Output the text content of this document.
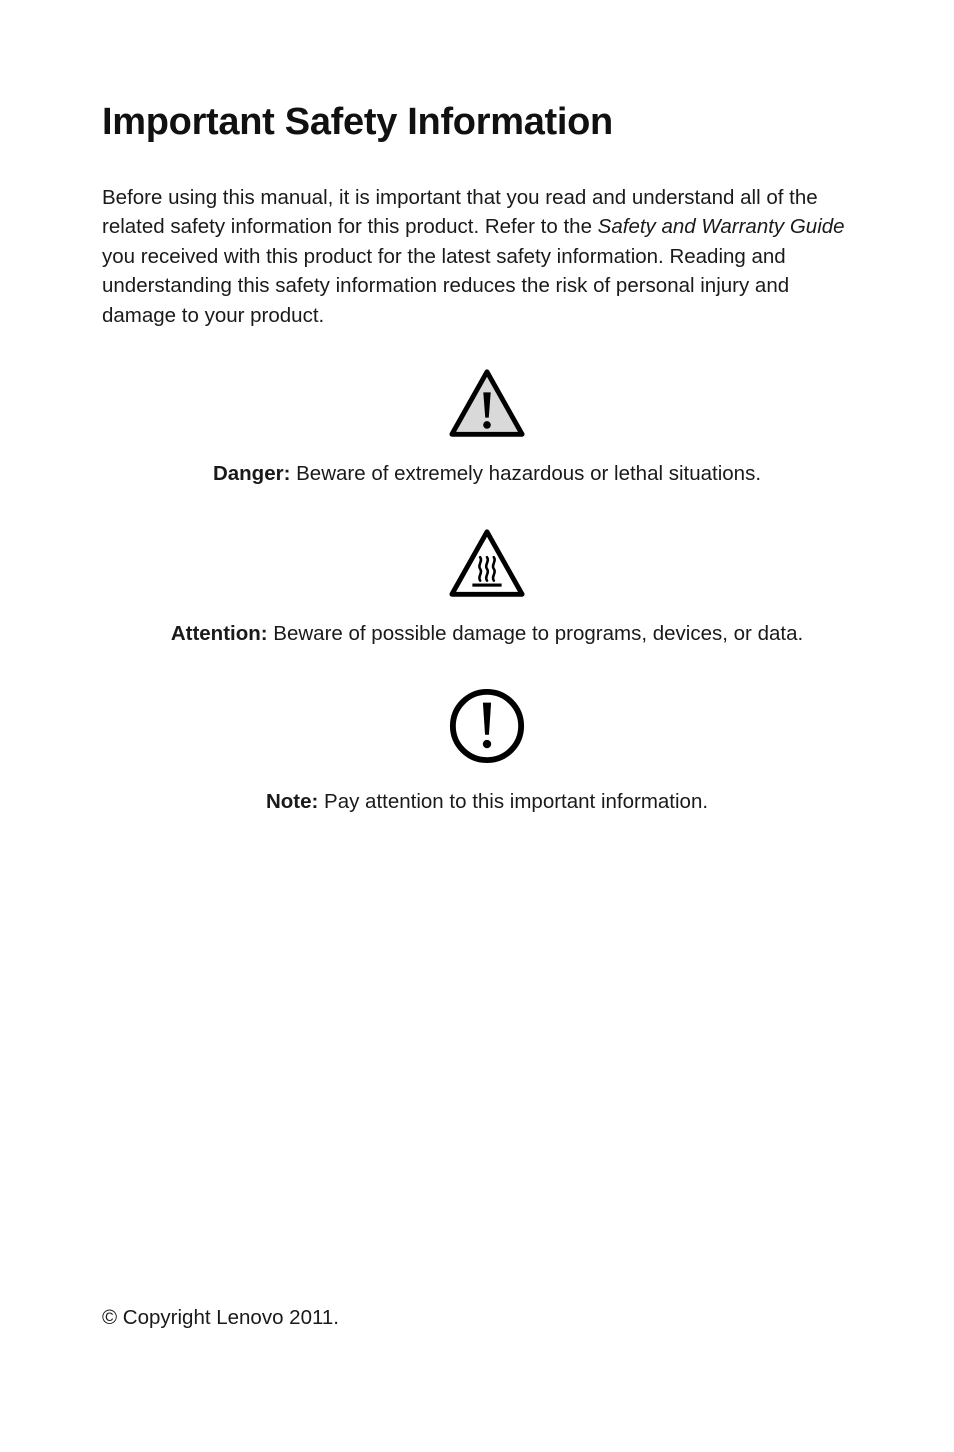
Important Safety Information

Before using this manual, it is important that you read and understand all of the related safety information for this product. Refer to the Safety and Warranty Guide you received with this product for the latest safety information. Reading and understanding this safety information reduces the risk of personal injury and damage to your product.

Danger: Beware of extremely hazardous or lethal situations.

Attention: Beware of possible damage to programs, devices, or data.

Note: Pay attention to this important information.

© Copyright Lenovo 2011.
